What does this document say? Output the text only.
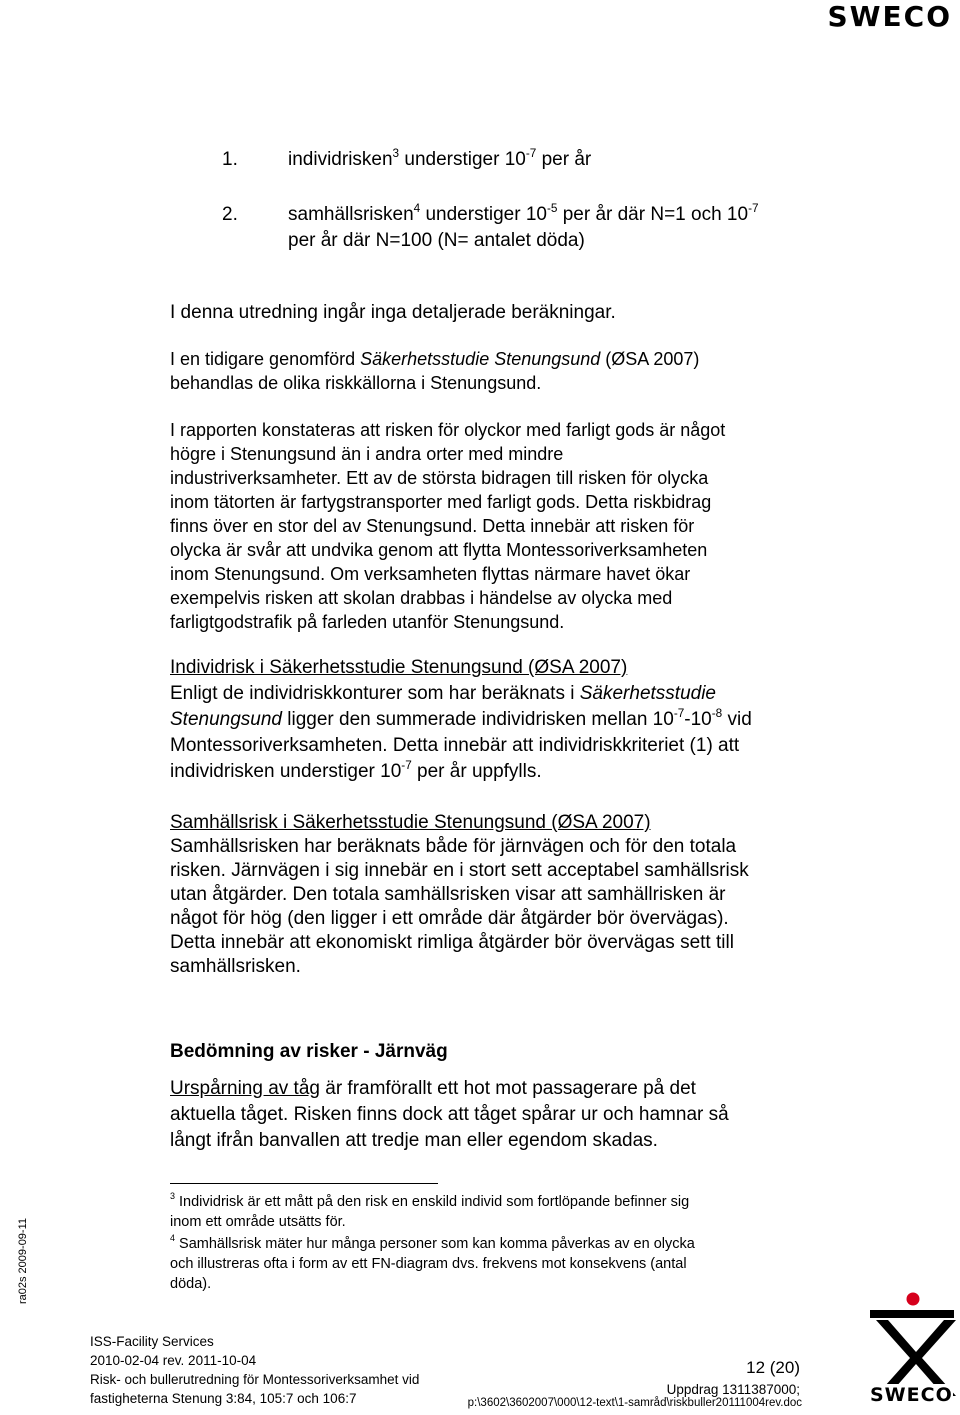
SWECO
1.	individrisken$^3$ understiger $10^{-7}$ per år
2.	samhällsrisken$^4$ understiger $10^{-5}$ per år där N=1 och $10^{-7}$
per år där N=100 (N= antalet döda)
I denna utredning ingår inga detaljerade beräkningar.
I en tidigare genomförd Säkerhetsstudie Stenungsund (ØSA 2007)
behandlas de olika riskkällorna i Stenungsund.
I rapporten konstateras att risken för olyckor med farligt gods är något
högre i Stenungsund än i andra orter med mindre
industriverksamheter. Ett av de största bidragen till risken för olycka
inom tätorten är fartygstransporter med farligt gods. Detta riskbidrag
finns över en stor del av Stenungsund. Detta innebär att risken för
olycka är svår att undvika genom att flytta Montessoriverksamheten
inom Stenungsund. Om verksamheten flyttas närmare havet ökar
exempelvis risken att skolan drabbas i händelse av olycka med
farligtgodstrafik på farleden utanför Stenungsund.
Individrisk i Säkerhetsstudie Stenungsund (ØSA 2007)
Enligt de individriskkonturer som har beräknats i Säkerhetsstudie
Stenungsund ligger den summerade individrisken mellan $10^{-7}-10^{-8}$ vid
Montessoriverksamheten. Detta innebär att individriskkriteriet (1) att
individrisken understiger $10^{-7}$ per år uppfylls.
Samhällsrisk i Säkerhetsstudie Stenungsund (ØSA 2007)
Samhällsrisken har beräknats både för järnvägen och för den totala
risken. Järnvägen i sig innebär en i stort sett acceptabel samhällsrisk
utan åtgärder. Den totala samhällsrisken visar att samhällrisken är
något för hög (den ligger i ett område där åtgärder bör övervägas).
Detta innebär att ekonomiskt rimliga åtgärder bör övervägas sett till
samhällsrisken.
Bedömning av risker - Järnväg
Urspårning av tåg är framförallt ett hot mot passagerare på det
aktuella tåget. Risken finns dock att tåget spårar ur och hamnar så
långt ifrån banvallen att tredje man eller egendom skadas.
$^3$ Individrisk är ett mått på den risk en enskild individ som fortlöpande befinner sig
inom ett område utsätts för.
$^4$ Samhällsrisk mäter hur många personer som kan komma påverkas av en olycka
och illustreras ofta i form av ett FN-diagram dvs. frekvens mot konsekvens (antal
döda).
ra02s 2009-09-11
ISS-Facility Services
2010-02-04 rev. 2011-10-04
Risk- och bullerutredning för Montessoriverksamhet vid
fastigheterna Stenung 3:84, 105:7 och 106:7
12 (20)
Uppdrag 1311387000;
p:\3602\3602007\000\12-text\1-samråd\riskbuller20111004rev.doc	SWECO
